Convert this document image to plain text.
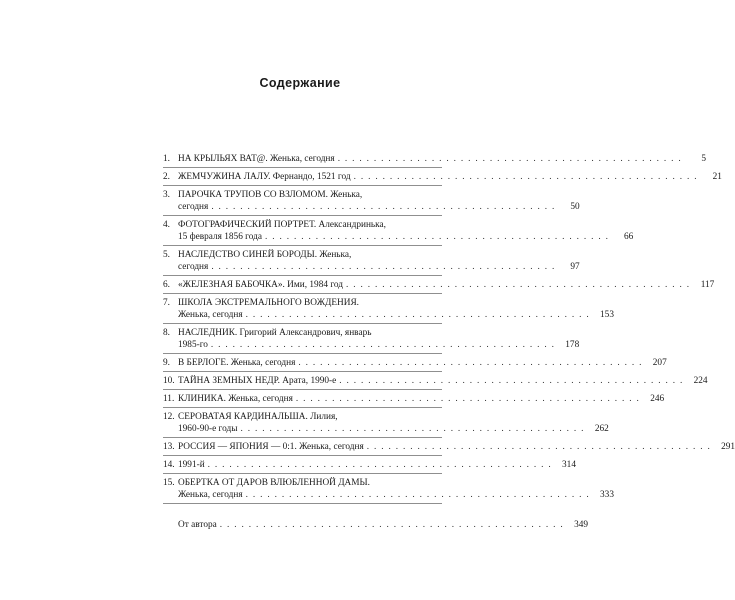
Содержание
1. НА КРЫЛЬЯХ ВАТ@. Женька, сегодня . . . . . . . . . . . . . . . . . . . . . . . . . . . . . . . . . . . . . . . . . . . . . . . .	5
2. ЖЕМЧУЖИНА ЛАЛУ. Фернандо, 1521 год . . . . . . . . . . . . . . . . . . . . . . . . . . . . . . . . . . . . . . . . . . . . . . . .	21
3. ПАРОЧКА ТРУПОВ СО ВЗЛОМОМ. Женька,
сегодня . . . . . . . . . . . . . . . . . . . . . . . . . . . . . . . . . . . . . . . . . . . . . . . .	50
4. ФОТОГРАФИЧЕСКИЙ ПОРТРЕТ. Александринька,
15 февраля 1856 года . . . . . . . . . . . . . . . . . . . . . . . . . . . . . . . . . . . . . . . . . . . . . . . .	66
5. НАСЛЕДСТВО СИНЕЙ БОРОДЫ. Женька,
сегодня . . . . . . . . . . . . . . . . . . . . . . . . . . . . . . . . . . . . . . . . . . . . . . . .	97
6. «ЖЕЛЕЗНАЯ БАБОЧКА». Ими, 1984 год . . . . . . . . . . . . . . . . . . . . . . . . . . . . . . . . . . . . . . . . . . . . . . . .	117
7. ШКОЛА ЭКСТРЕМАЛЬНОГО ВОЖДЕНИЯ.
Женька, сегодня . . . . . . . . . . . . . . . . . . . . . . . . . . . . . . . . . . . . . . . . . . . . . . . .	153
8. НАСЛЕДНИК. Григорий Александрович, январь
1985-го . . . . . . . . . . . . . . . . . . . . . . . . . . . . . . . . . . . . . . . . . . . . . . . .	178
9. В БЕРЛОГЕ. Женька, сегодня . . . . . . . . . . . . . . . . . . . . . . . . . . . . . . . . . . . . . . . . . . . . . . . .	207
10. ТАЙНА ЗЕМНЫХ НЕДР. Арата, 1990-е . . . . . . . . . . . . . . . . . . . . . . . . . . . . . . . . . . . . . . . . . . . . . . . .	224
11. КЛИНИКА. Женька, сегодня . . . . . . . . . . . . . . . . . . . . . . . . . . . . . . . . . . . . . . . . . . . . . . . .	246
12. СЕРОВАТАЯ КАРДИНАЛЬША. Лилия,
1960-90-е годы . . . . . . . . . . . . . . . . . . . . . . . . . . . . . . . . . . . . . . . . . . . . . . . .	262
13. РОССИЯ — ЯПОНИЯ — 0:1. Женька, сегодня . . . . . . . . . . . . . . . . . . . . . . . . . . . . . . . . . . . . . . . . . . . . . . . .	291
14. 1991-й . . . . . . . . . . . . . . . . . . . . . . . . . . . . . . . . . . . . . . . . . . . . . . . .	314
15. ОБЕРТКА ОТ ДАРОВ ВЛЮБЛЕННОЙ ДАМЫ.
Женька, сегодня . . . . . . . . . . . . . . . . . . . . . . . . . . . . . . . . . . . . . . . . . . . . . . . .	333
От автора . . . . . . . . . . . . . . . . . . . . . . . . . . . . . . . . . . . . . . . . . . . . . . . .	349
